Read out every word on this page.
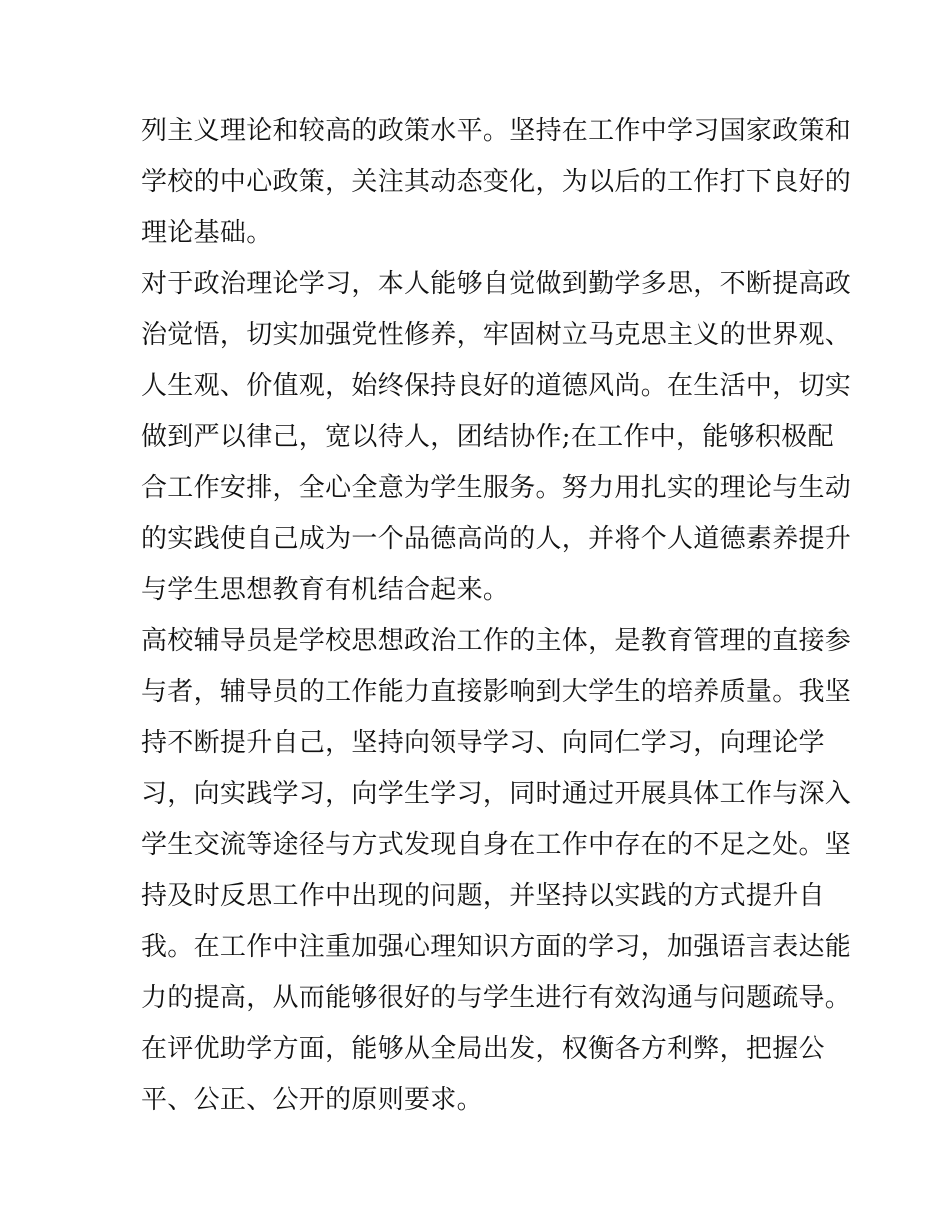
列主义理论和较高的政策水平。坚持在工作中学习国家政策和
学校的中心政策，关注其动态变化，为以后的工作打下良好的
理论基础。
对于政治理论学习，本人能够自觉做到勤学多思，不断提高政
治觉悟，切实加强党性修养，牢固树立马克思主义的世界观、
人生观、价值观，始终保持良好的道德风尚。在生活中，切实
做到严以律己，宽以待人，团结协作;在工作中，能够积极配
合工作安排，全心全意为学生服务。努力用扎实的理论与生动
的实践使自己成为一个品德高尚的人，并将个人道德素养提升
与学生思想教育有机结合起来。
高校辅导员是学校思想政治工作的主体，是教育管理的直接参
与者，辅导员的工作能力直接影响到大学生的培养质量。我坚
持不断提升自己，坚持向领导学习、向同仁学习，向理论学
习，向实践学习，向学生学习，同时通过开展具体工作与深入
学生交流等途径与方式发现自身在工作中存在的不足之处。坚
持及时反思工作中出现的问题，并坚持以实践的方式提升自
我。在工作中注重加强心理知识方面的学习，加强语言表达能
力的提高，从而能够很好的与学生进行有效沟通与问题疏导。
在评优助学方面，能够从全局出发，权衡各方利弊，把握公
平、公正、公开的原则要求。
